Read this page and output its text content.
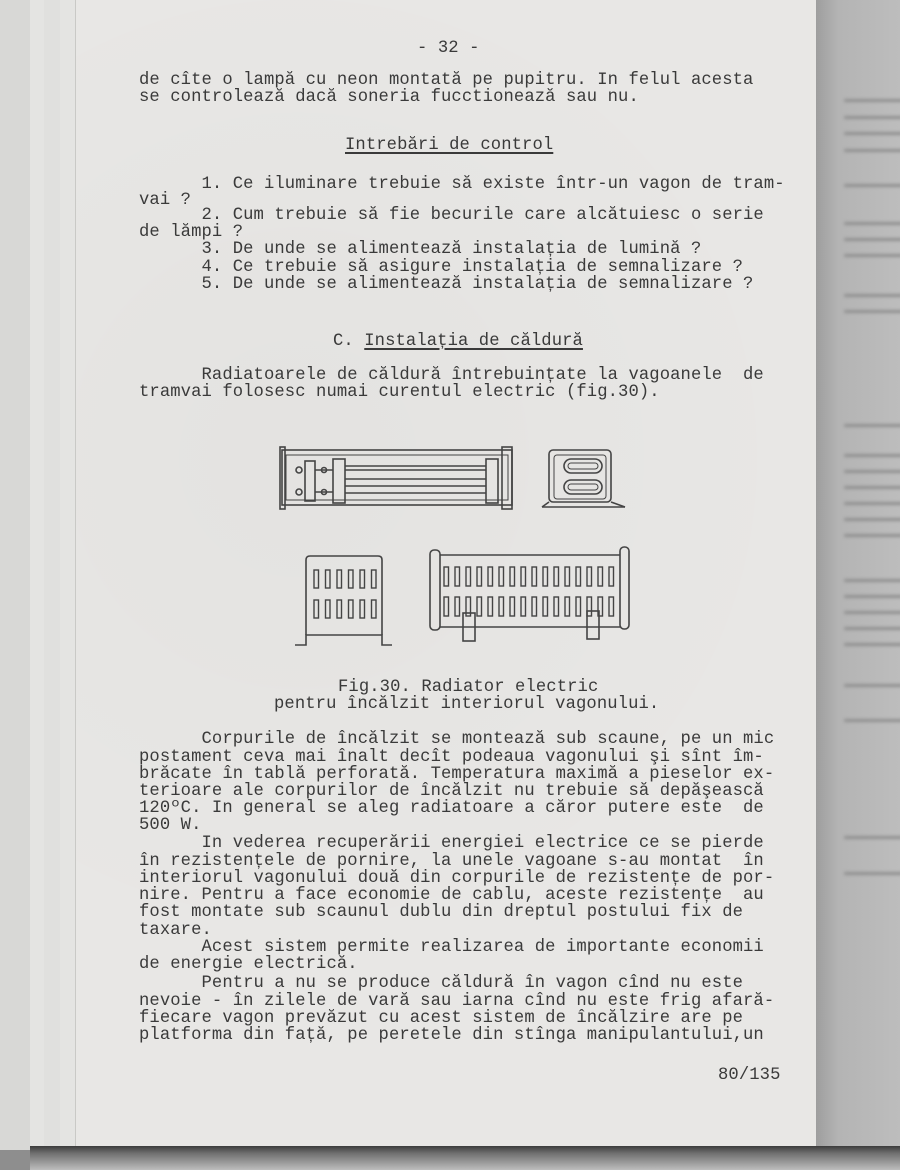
- 32 -
de cîte o lampă cu neon montată pe pupitru. In felul acesta
se controlează dacă soneria fucctionează sau nu.
Intrebări de control
1. Ce iluminare trebuie să existe într-un vagon de tram-
vai ?
2. Cum trebuie să fie becurile care alcătuiesc o serie
de lămpi ?
3. De unde se alimentează instalația de lumină ?
4. Ce trebuie să asigure instalația de semnalizare ?
5. De unde se alimentează instalația de semnalizare ?
C. Instalația de căldură
Radiatoarele de căldură întrebuințate la vagoanele  de
tramvai folosesc numai curentul electric (fig.30).
Fig.30. Radiator electric
pentru încălzit interiorul vagonului.
Corpurile de încălzit se montează sub scaune, pe un mic
postament ceva mai înalt decît podeaua vagonului şi sînt îm-
brăcate în tablă perforată. Temperatura maximă a pieselor ex-
terioare ale corpurilor de încălzit nu trebuie să depăşească
120ºC. In general se aleg radiatoare a căror putere este  de
500 W.
In vederea recuperării energiei electrice ce se pierde
în rezistențele de pornire, la unele vagoane s-au montat  în
interiorul vagonului două din corpurile de rezistențe de por-
nire. Pentru a face economie de cablu, aceste rezistențe  au
fost montate sub scaunul dublu din dreptul postului fix de
taxare.
Acest sistem permite realizarea de importante economii
de energie electrică.
Pentru a nu se produce căldură în vagon cînd nu este
nevoie - în zilele de vară sau iarna cînd nu este frig afară-
fiecare vagon prevăzut cu acest sistem de încălzire are pe
platforma din față, pe peretele din stînga manipulantului,un
80/135
